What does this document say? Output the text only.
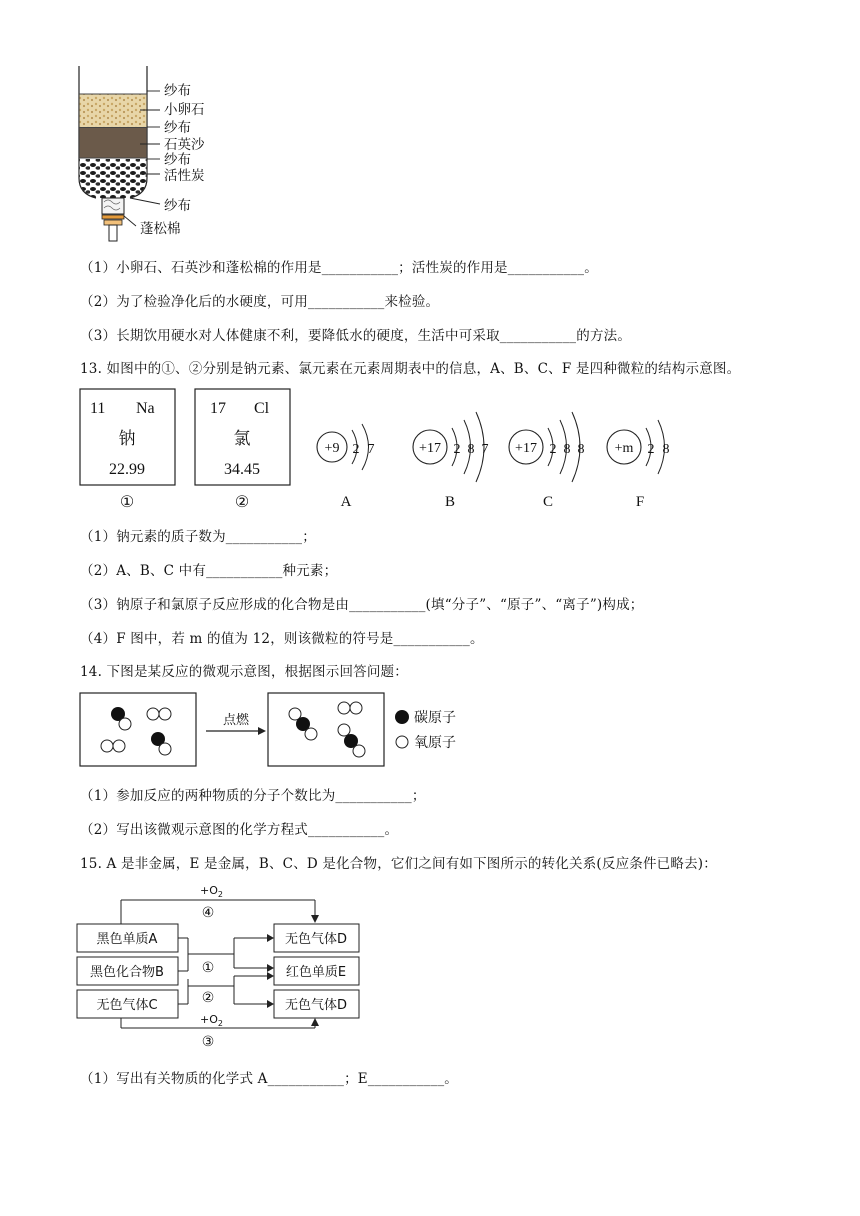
纱布
小卵石
纱布
石英沙
纱布
活性炭
纱布
蓬松棉
（1）小卵石、石英沙和蓬松棉的作用是___________；活性炭的作用是___________。
（2）为了检验净化后的水硬度，可用___________来检验。
（3）长期饮用硬水对人体健康不利，要降低水的硬度，生活中可采取___________的方法。
13. 如图中的①、②分别是钠元素、氯元素在元素周期表中的信息，A、B、C、F 是四种微粒的结构示意图。
11 Na
钠
22.99
①
17 Cl
氯
34.45
②
+9 2 7
A
+17 2 8 7
B
+17 2 8 8
C
+m 2 8
F
（1）钠元素的质子数为___________；
（2）A、B、C 中有___________种元素；
（3）钠原子和氯原子反应形成的化合物是由___________(填“分子”、“原子”、“离子”)构成；
（4）F 图中，若 m 的值为 12，则该微粒的符号是___________。
14. 下图是某反应的微观示意图，根据图示回答问题：
点燃	碳原子
氧原子
（1）参加反应的两种物质的分子个数比为___________；
（2）写出该微观示意图的化学方程式___________。
15. A 是非金属，E 是金属，B、C、D 是化合物，它们之间有如下图所示的转化关系(反应条件已略去)：
$+O_2$
④
黑色单质A
黑色化合物B
无色气体C
无色气体D
红色单质E
无色气体D
①
②
$+O_2$
③
（1）写出有关物质的化学式 A___________；E___________。
